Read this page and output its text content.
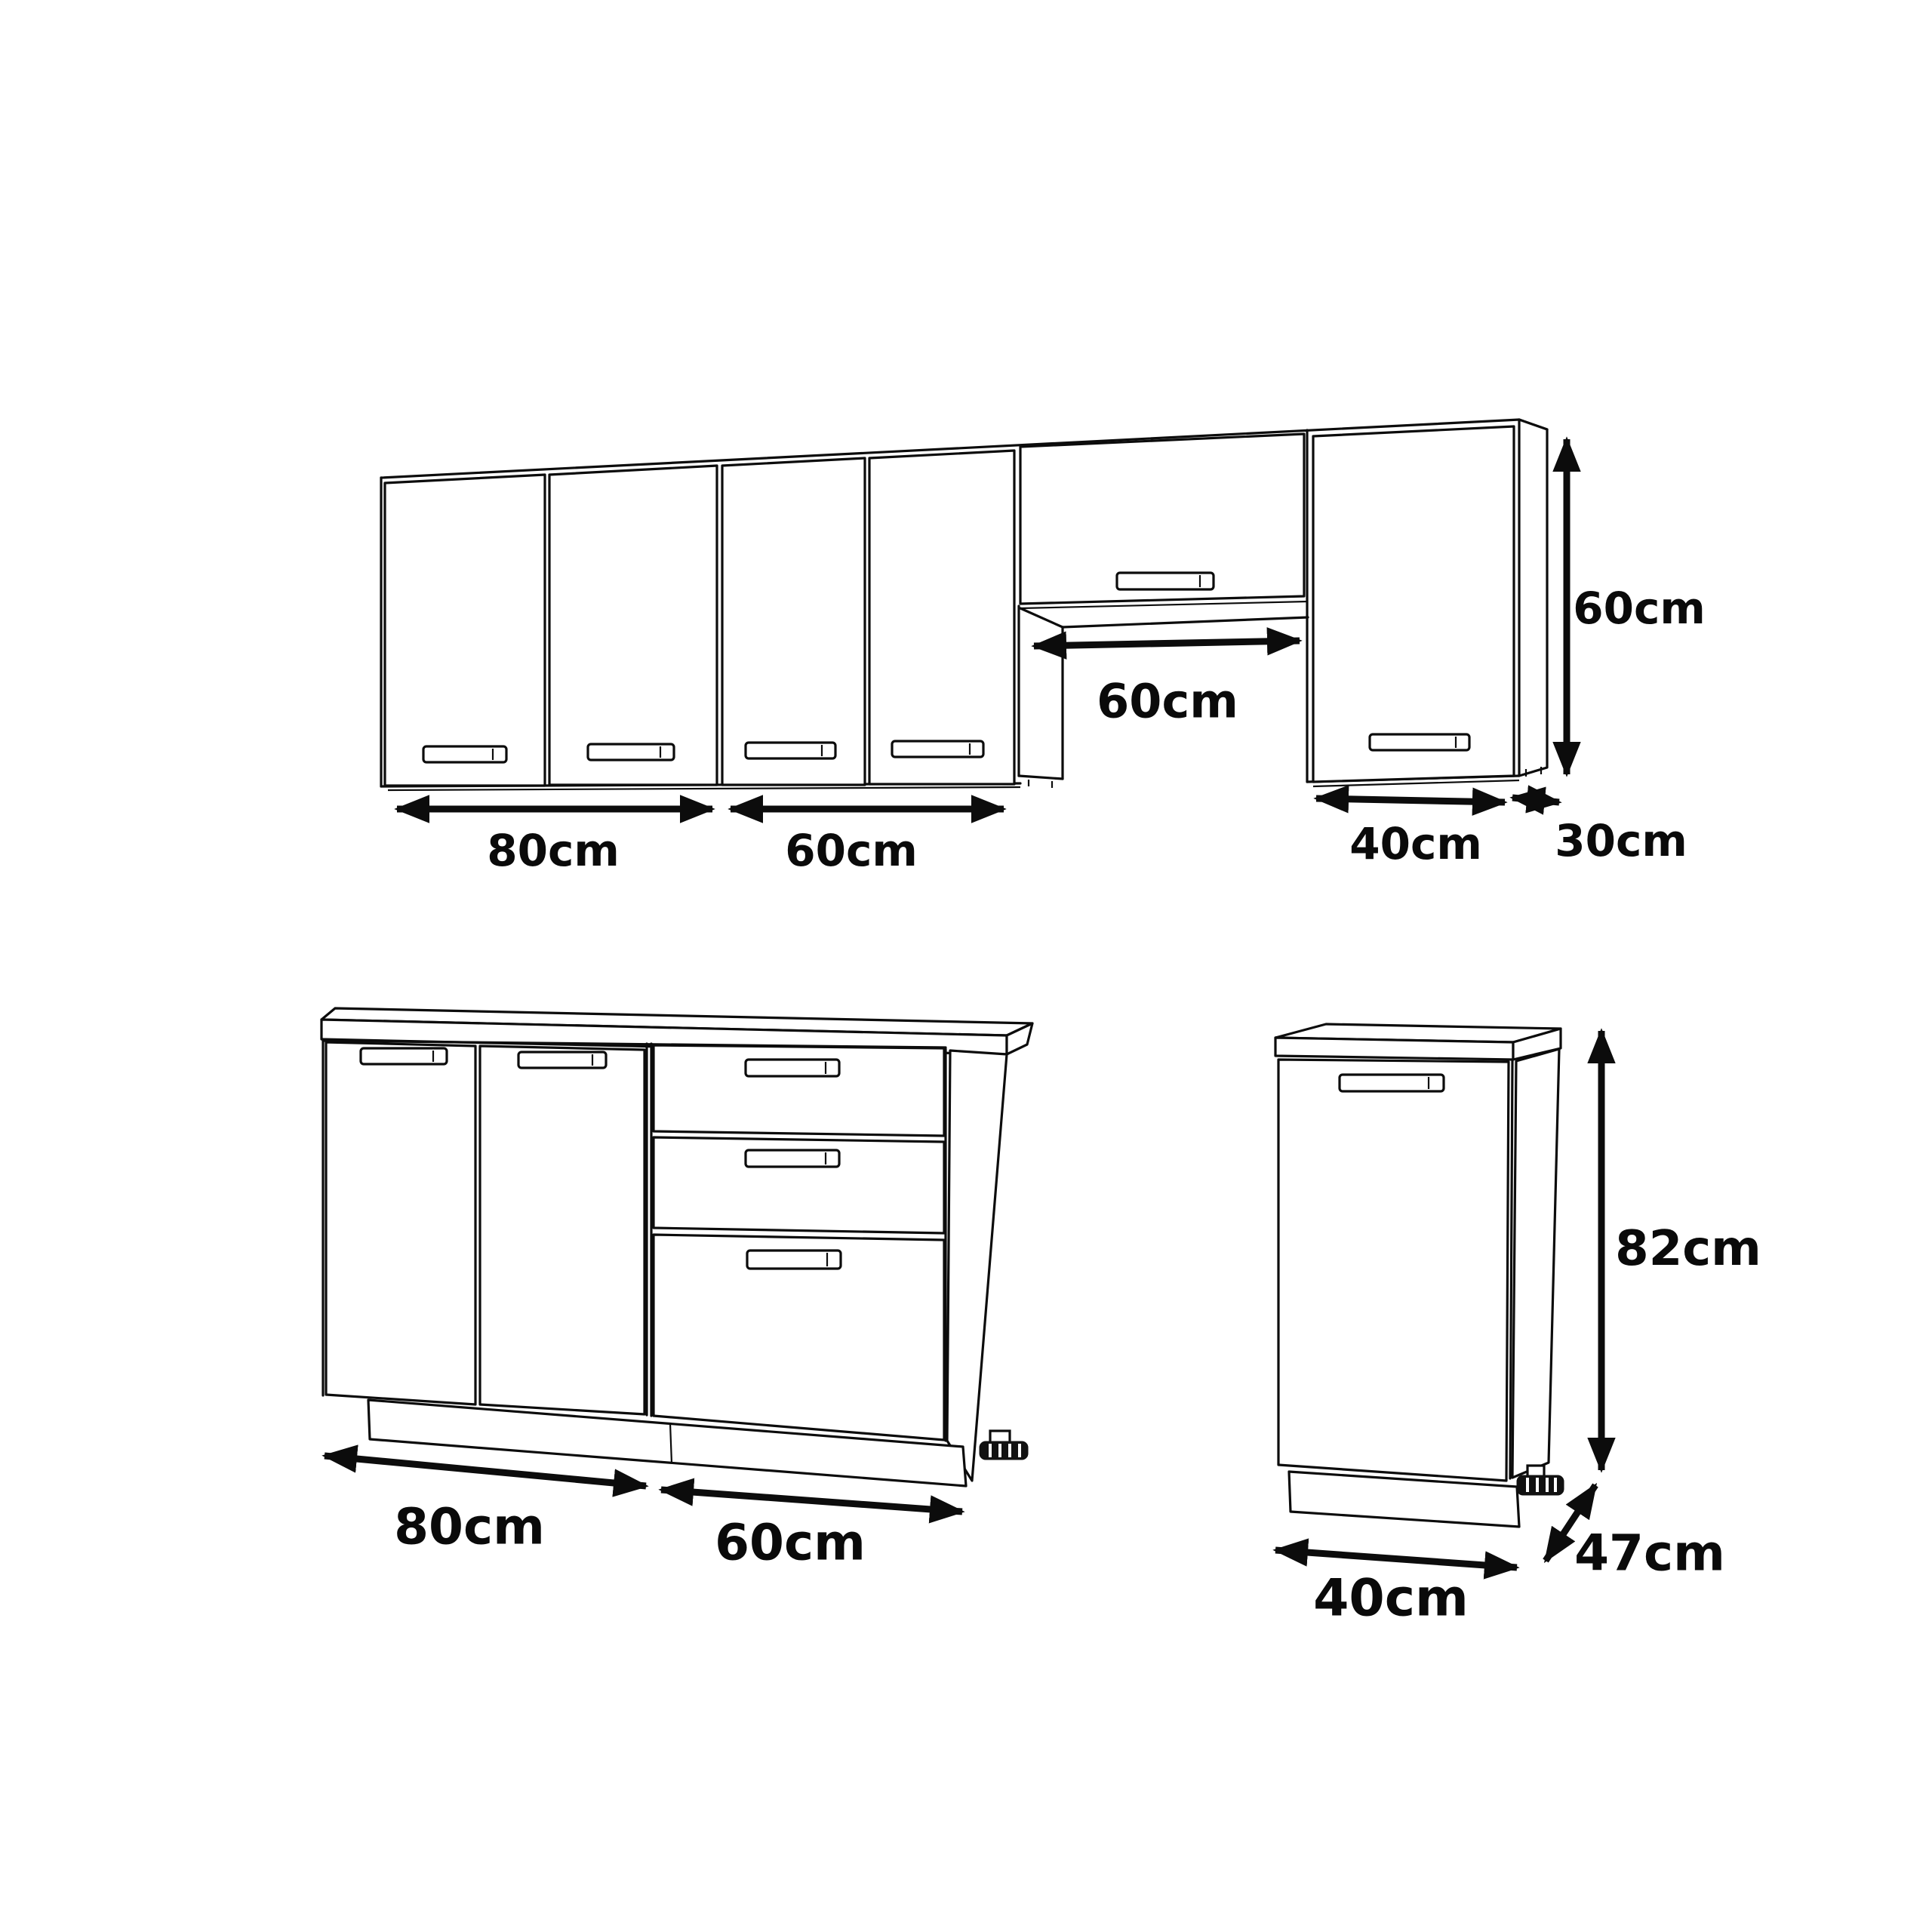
80cm	60cm
60cm
40cm 30cm
60cm
80cm	60cm
82cm
40cm
47cm
